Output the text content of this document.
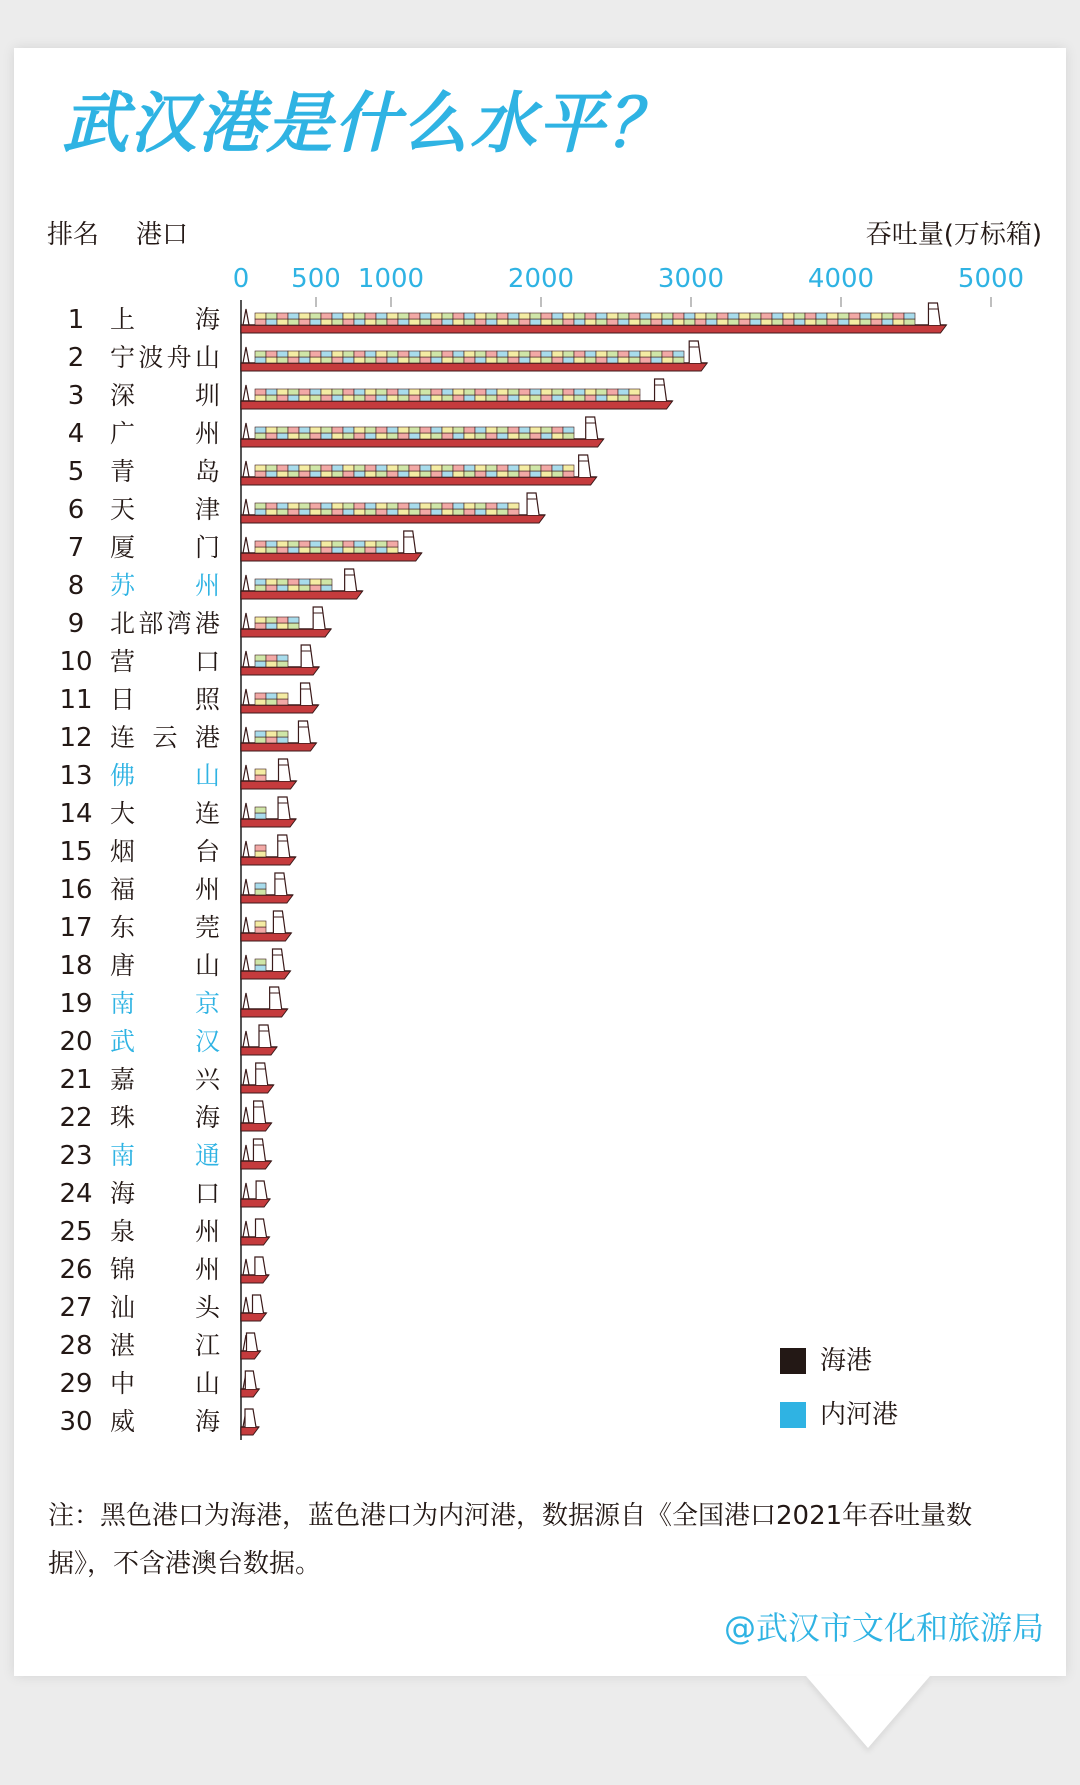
武汉港是什么水平？
排名 港口	吞吐量(万标箱)
0 500 1000	2000	3000	4000	5000
1 上 海
2 宁 波 舟 山
3 深 圳
4 广 州
5 青 岛
6 天 津
7 厦 门
8 苏 州
9 北 部 湾 港
10 营 口
11 日 照
12 连 云 港
13 佛 山
14 大 连
15 烟 台
16 福 州
17 东 莞
18 唐 山
19 南 京
20 武 汉
21 嘉 兴
22 珠 海
23 南 通
24 海 口
25 泉 州
26 锦 州
27 汕 头
28 湛 江
29 中 山
30 威 海
海港
内河港

注：黑色港口为海港，蓝色港口为内河港，数据源自《全国港口2021年吞吐量数据》，不含港澳台数据。

@武汉市文化和旅游局
